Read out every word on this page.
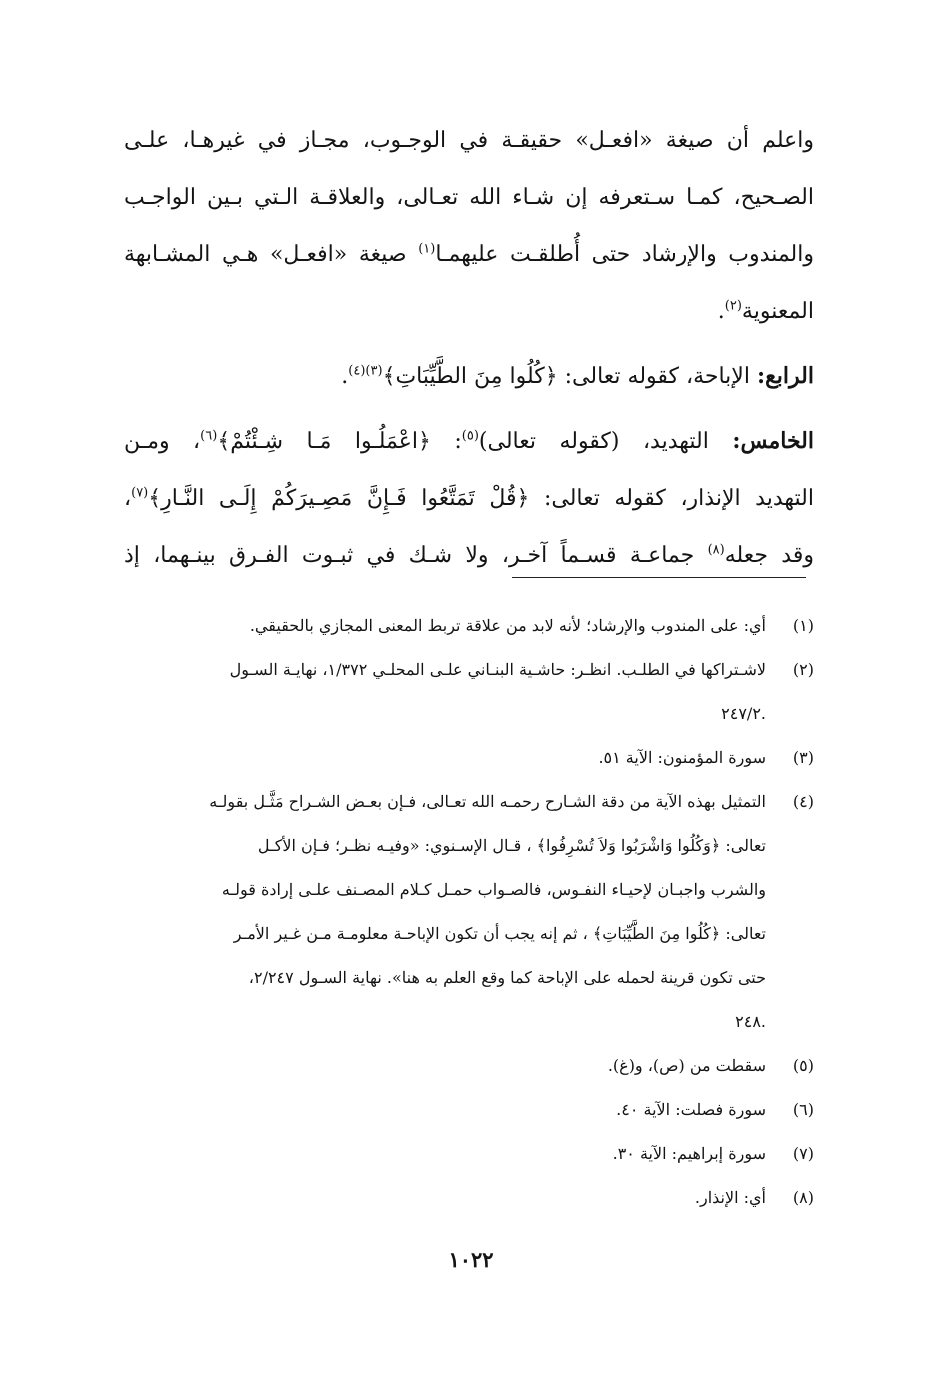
واعلم أن صيغة «افعـل» حقيقـة في الوجـوب، مجـاز في غيرهـا، علـى
الصـحيح، كمـا سـتعرفه إن شـاء الله تعـالى، والعلاقـة الـتي بـين الواجـب
والمندوب والإرشاد حتى أُطلقـت عليهمـا$^{(١)}$ صيغة «افعـل» هـي المشـابهة
المعنوية$^{(٢)}$.
الرابع: الإباحة، كقوله تعالى: ﴿كُلُوا مِنَ الطَّيِّبَاتِ﴾$^{(٣)(٤)}$.
الخامس: التهديد، (كقوله تعالى)$^{(٥)}$: ﴿اعْمَلُـوا مَـا شِـئْتُمْ﴾$^{(٦)}$، ومـن
التهديد الإنذار، كقوله تعالى: ﴿قُلْ تَمَتَّعُوا فَـإِنَّ مَصِـيرَكُمْ إِلَـى النَّـارِ﴾$^{(٧)}$،
وقد جعله$^{(٨)}$ جماعـة قسـماً آخـر، ولا شـك في ثبـوت الفـرق بينـهما، إذ
(١)أي: على المندوب والإرشاد؛ لأنه لابد من علاقة تربط المعنى المجازي بالحقيقي.
(٢)لاشـتراكها في الطلـب. انظـر: حاشـية البنـاني علـى المحلـي ١/٣٧٢، نهايـة السـول
.٢٤٧/٢
(٣)سورة المؤمنون: الآية ٥١.
(٤)التمثيل بهذه الآية من دقة الشـارح رحمـه الله تعـالى، فـإن بعـض الشـراح مَثَّـل بقولـه
تعالى: ﴿وَكُلُوا وَاشْرَبُوا وَلاَ تُسْرِفُوا﴾ ، قـال الإسـنوي: «وفيـه نظـر؛ فـإن الأكـل
والشرب واجبـان لإحيـاء النفـوس، فالصـواب حمـل كـلام المصـنف علـى إرادة قولـه
تعالى: ﴿كُلُوا مِنَ الطَّيِّبَاتِ﴾ ، ثم إنه يجب أن تكون الإباحـة معلومـة مـن غـير الأمـر
حتى تكون قرينة لحمله على الإباحة كما وقع العلم به هنا». نهاية السـول ٢/٢٤٧،
.٢٤٨
(٥)سقطت من (ص)، و(غ).
(٦)سورة فصلت: الآية ٤٠.
(٧)سورة إبراهيم: الآية ٣٠.
(٨)أي: الإنذار.
١٠٢٢
